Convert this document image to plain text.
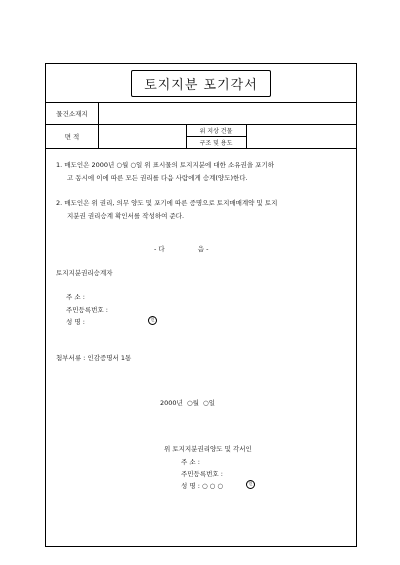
토지지분 포기각서
물건소재지
면 적
위 지상 건물
구조 및 용도
1. 매도인은 2000년 ○월 ○일 위 표시물의 토지지분에 대한 소유권을 포기하
고 동시에 이에 따른 모든 권리를 다음 사람에게 승계(양도)한다.
2. 매도인은 위 권리, 의무 양도 및 포기에 따른 증명으로 토지매매계약 및 토지
지분권 권리승계 확인서를 작성하여 준다.
- 다                음 -
토지지분권리승계자
주 소 :
주민등록번호 :
성 명 :	인
첨부서류 : 인감증명서 1통
2000년  ○월  ○일
위 토지지분권리양도 및 각서인
주 소 :
주민등록번호 :
성 명 : ○ ○ ○	인
